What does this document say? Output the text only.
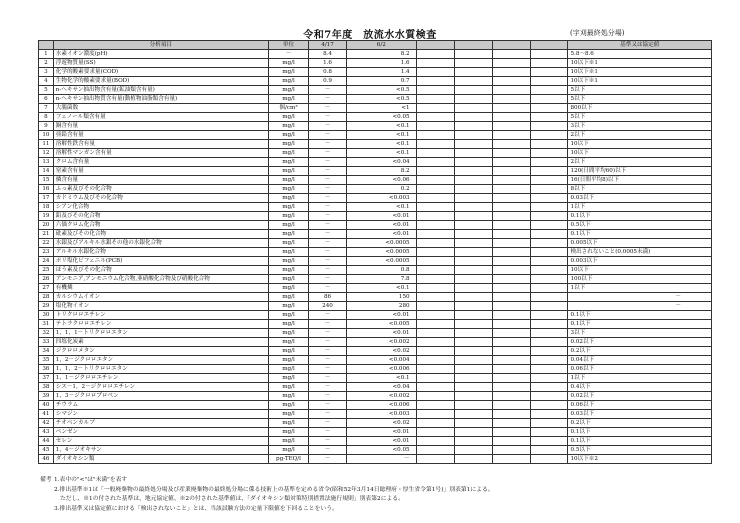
令和7年度　放流水水質検査	(宇刈最終処分場)
	分析項目	単位	4/17	6/2					基準又は協定値
1	水素イオン濃度(pH)	－	8.4	8.2					5.8～8.6
2	浮遊物質量(SS)	mg/l	1.6	1.6					10以下※1
3	化学的酸素要求量(COD)	mg/l	0.8	1.4					10以下※1
4	生物化学的酸素要求量(BOD)	mg/l	0.9	0.7					10以下※1
5	n-ヘキサン抽出物含有量(鉱油類含有量)	mg/l	－	<0.5					5以下
6	n-ヘキサン抽出物質含有量(動植物油脂類含有量)	mg/l	－	<0.5					5以下
7	大腸菌数	個/cm³	－	<1					800以下
8	フェノール類含有量	mg/l	－	<0.05					5以下
9	銅含有量	mg/l	－	<0.1					3以下
10	亜鉛含有量	mg/l	－	<0.1					2以下
11	溶解性鉄含有量	mg/l	－	<0.1					10以下
12	溶解性マンガン含有量	mg/l	－	<0.1					10以下
13	クロム含有量	mg/l	－	<0.04					2以下
14	窒素含有量	mg/l	－	8.2					120(日間平均60)以下
15	燐含有量	mg/l	－	<0.06					16(日間平均8)以下
16	ふっ素及びその化合物	mg/l	－	0.2					8以下
17	カドミウム及びその化合物	mg/l	－	<0.003					0.03以下
18	シアン化合物	mg/l	－	<0.1					1以下
19	鉛及びその化合物	mg/l	－	<0.01					0.1以下
20	六価クロム化合物	mg/l	－	<0.01					0.5以下
21	砒素及びその化合物	mg/l	－	<0.01					0.1以下
22	水銀及びアルキル水銀その他の水銀化合物	mg/l	－	<0.0005					0.005以下
23	アルキル水銀化合物	mg/l	－	<0.0005					検出されないこと(0.0005未満)
24	ポリ塩化ビフェニル(PCB)	mg/l	－	<0.0005					0.003以下
25	ほう素及びその化合物	mg/l	－	0.8					10以下
26	アンモニア,アンモニウム化合物,亜硝酸化合物及び硝酸化合物	mg/l	－	7.8					100以下
27	有機燐	mg/l	－	<0.1					1以下
28	カルシウムイオン	mg/l	86	150					－

29	塩化物イオン	mg/l	240	280					－

30	トリクロロエチレン	mg/l	－	<0.01					0.1以下
31	テトラクロロエチレン	mg/l	－	<0.005					0.1以下
32	1，1，1－トリクロロエタン	mg/l	－	<0.01					3以下
33	四塩化炭素	mg/l	－	<0.002					0.02以下
34	ジクロロメタン	mg/l	－	<0.02					0.2以下
35	1，2－ジクロロエタン	mg/l	－	<0.004					0.04以下
36	1，1，2－トリクロロエタン	mg/l	－	<0.006					0.06以下
37	1，1－ジクロロエチレン	mg/l	－	<0.1					1以下
38	シス－1，2－ジクロロエチレン	mg/l	－	<0.04					0.4以下
39	1，3－ジクロロプロペン	mg/l	－	<0.002					0.02以下
40	チウラム	mg/l	－	<0.006					0.06以下
41	シマジン	mg/l	－	<0.003					0.03以下
42	チオベンカルブ	mg/l	－	<0.02					0.2以下
43	ベンゼン	mg/l	－	<0.01					0.1以下
44	セレン	mg/l	－	<0.01					0.1以下
45	1，4－ジオキサン	mg/l	－	<0.05					0.5以下
46	ダイオキシン類	pg-TEQ/l	－	－					10以下※2
備考 1.表中の"<"は"未満"を表す
2.排出基準※1は「一般廃棄物の最終処分場及び産業廃棄物の最終処分場に係る技術上の基準を定める省令(昭和52年3月14日総理府・厚生省令第1号)」別表第1による。
ただし、※1の付された基準は、地元協定値、※2の付された基準値は、「ダイオキシン類対策特別措置法施行規則」別表第2による。
3.排出基準又は協定値における「検出されないこと」とは、当該試験方法の定量下限値を下回ることをいう。
